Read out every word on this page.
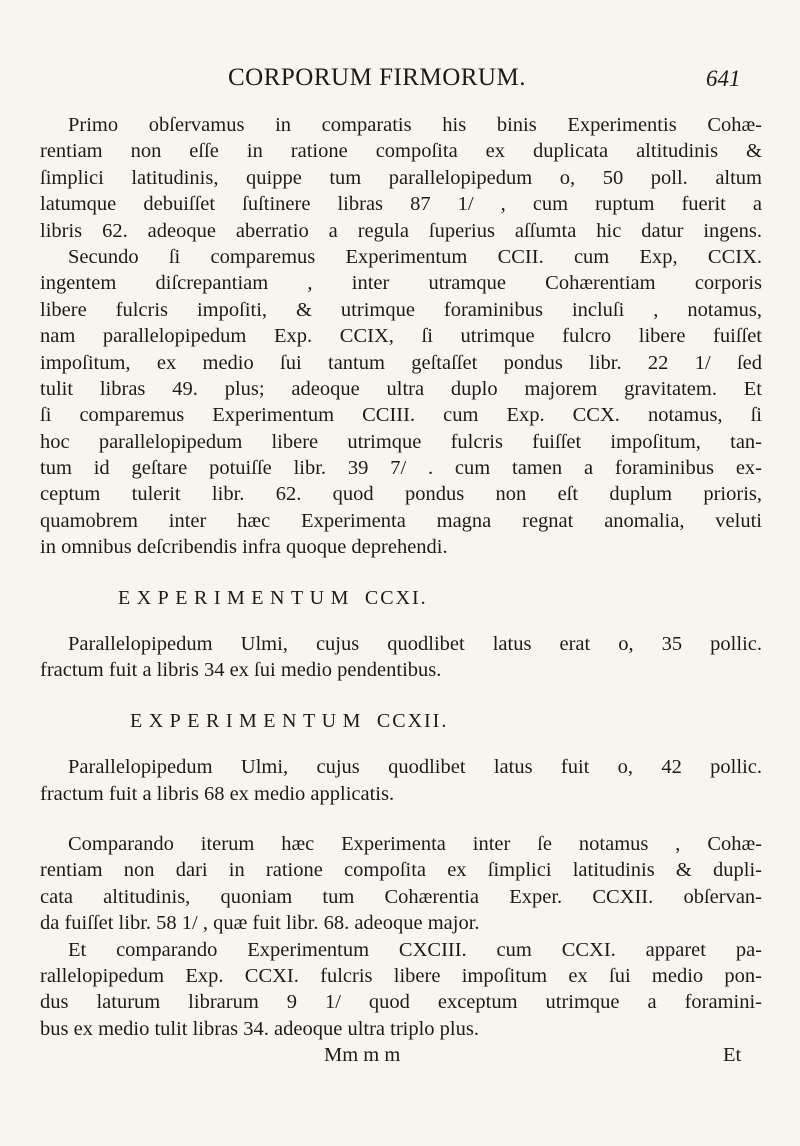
CORPORUM FIRMORUM.	641
Primo obſervamus in comparatis his binis Experimentis Cohæ-
rentiam non eſſe in ratione compoſita ex duplicata altitudinis &
ſimplici latitudinis, quippe tum parallelopipedum o, 50 poll. altum
latumque debuiſſet ſuſtinere libras 87 1/ , cum ruptum fuerit a
libris 62. adeoque aberratio a regula ſuperius aſſumta hic datur ingens.
Secundo ſi comparemus Experimentum CCII. cum Exp, CCIX.
ingentem diſcrepantiam , inter utramque Cohærentiam corporis
libere fulcris impoſiti, & utrimque foraminibus incluſi , notamus,
nam parallelopipedum Exp. CCIX, ſi utrimque fulcro libere fuiſſet
impoſitum, ex medio ſui tantum geſtaſſet pondus libr. 22 1/ ſed
tulit libras 49. plus; adeoque ultra duplo majorem gravitatem. Et
ſi comparemus Experimentum CCIII. cum Exp. CCX. notamus, ſi
hoc parallelopipedum libere utrimque fulcris fuiſſet impoſitum, tan-
tum id geſtare potuiſſe libr. 39 7/ . cum tamen a foraminibus ex-
ceptum tulerit libr. 62. quod pondus non eſt duplum prioris,
quamobrem inter hæc Experimenta magna regnat anomalia, veluti
in omnibus deſcribendis infra quoque deprehendi.
EXPERIMENTUM CCXI.
Parallelopipedum Ulmi, cujus quodlibet latus erat o, 35 pollic.
fractum fuit a libris 34 ex ſui medio pendentibus.
EXPERIMENTUM CCXII.
Parallelopipedum Ulmi, cujus quodlibet latus fuit o, 42 pollic.
fractum fuit a libris 68 ex medio applicatis.
Comparando iterum hæc Experimenta inter ſe notamus , Cohæ-
rentiam non dari in ratione compoſita ex ſimplici latitudinis & dupli-
cata altitudinis, quoniam tum Cohærentia Exper. CCXII. obſervan-
da fuiſſet libr. 58 1/ , quæ fuit libr. 68. adeoque major.
Et comparando Experimentum CXCIII. cum CCXI. apparet pa-
rallelopipedum Exp. CCXI. fulcris libere impoſitum ex ſui medio pon-
dus laturum librarum 9 1/ quod exceptum utrimque a foramini-
bus ex medio tulit libras 34. adeoque ultra triplo plus.
Mm m m	Et
